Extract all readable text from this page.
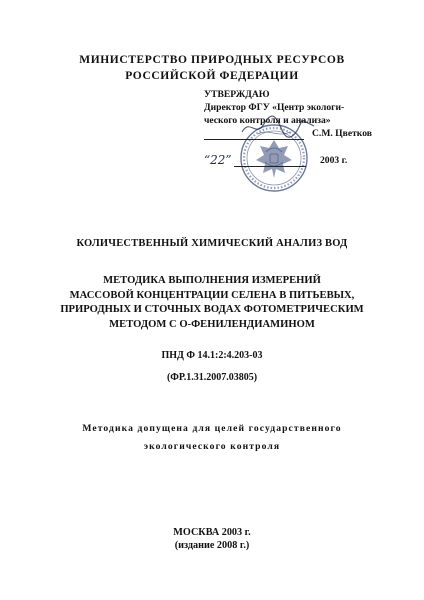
МИНИСТЕРСТВО ПРИРОДНЫХ РЕСУРСОВ
РОССИЙСКОЙ ФЕДЕРАЦИИ
УТВЕРЖДАЮ
Директор ФГУ «Центр экологи-
ческого контроля и анализа»
С.М. Цветков
“22”	2003 г.
КОЛИЧЕСТВЕННЫЙ ХИМИЧЕСКИЙ АНАЛИЗ ВОД
МЕТОДИКА ВЫПОЛНЕНИЯ ИЗМЕРЕНИЙ
МАССОВОЙ КОНЦЕНТРАЦИИ СЕЛЕНА В ПИТЬЕВЫХ,
ПРИРОДНЫХ И СТОЧНЫХ ВОДАХ ФОТОМЕТРИЧЕСКИМ
МЕТОДОМ С О-ФЕНИЛЕНДИАМИНОМ
ПНД Ф 14.1:2:4.203-03
(ФР.1.31.2007.03805)
Методика допущена для целей государственного
экологического контроля
МОСКВА 2003 г.
(издание 2008 г.)
